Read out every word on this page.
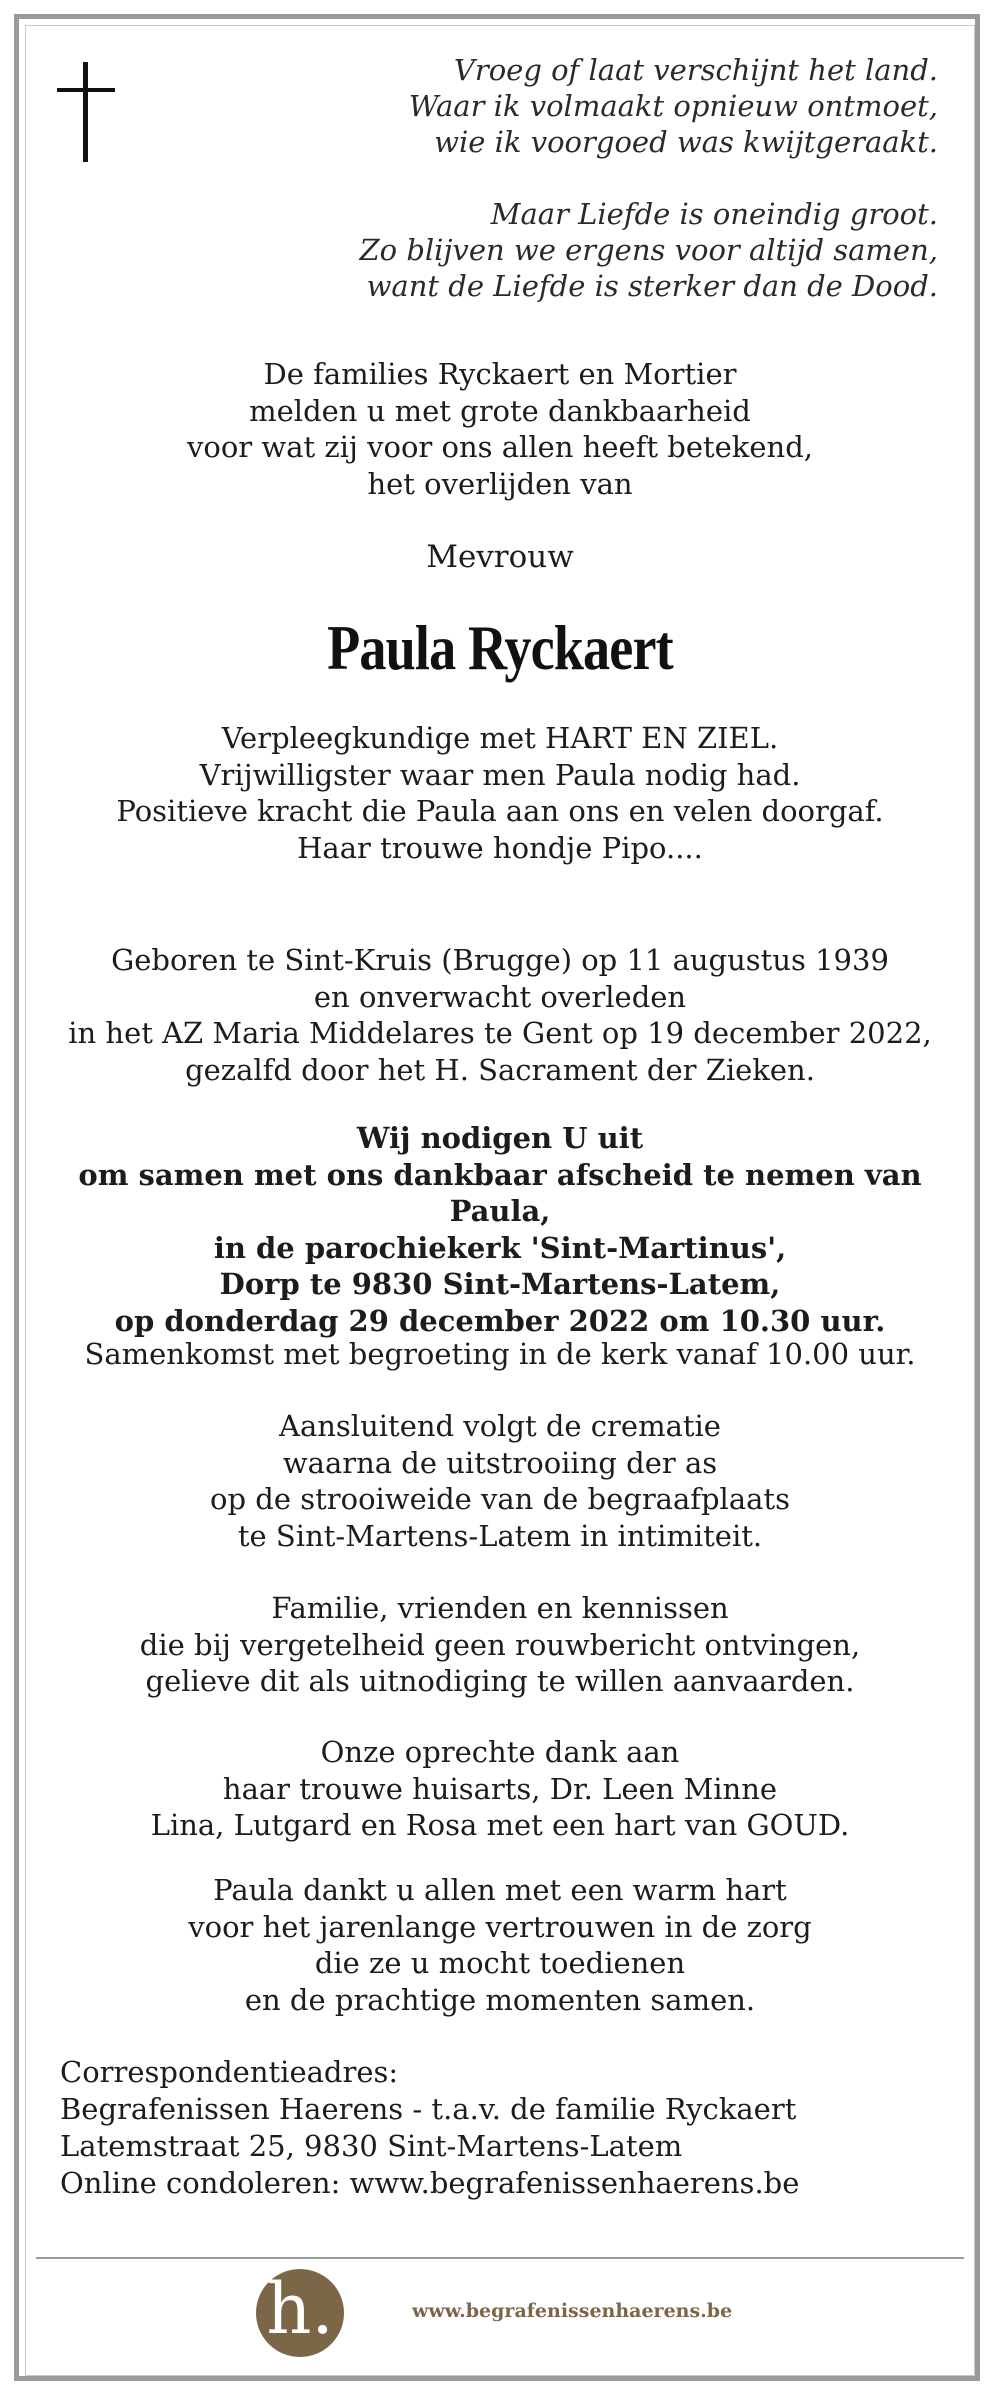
Vroeg of laat verschijnt het land.
Waar ik volmaakt opnieuw ontmoet,
wie ik voorgoed was kwijtgeraakt.
Maar Liefde is oneindig groot.
Zo blijven we ergens voor altijd samen,
want de Liefde is sterker dan de Dood.
De families Ryckaert en Mortier
melden u met grote dankbaarheid
voor wat zij voor ons allen heeft betekend,
het overlijden van
Mevrouw
Paula Ryckaert
Verpleegkundige met HART EN ZIEL.
Vrijwilligster waar men Paula nodig had.
Positieve kracht die Paula aan ons en velen doorgaf.
Haar trouwe hondje Pipo....
Geboren te Sint-Kruis (Brugge) op 11 augustus 1939
en onverwacht overleden
in het AZ Maria Middelares te Gent op 19 december 2022,
gezalfd door het H. Sacrament der Zieken.
Wij nodigen U uit
om samen met ons dankbaar afscheid te nemen van Paula,
in de parochiekerk 'Sint-Martinus',
Dorp te 9830 Sint-Martens-Latem,
op donderdag 29 december 2022 om 10.30 uur.
Samenkomst met begroeting in de kerk vanaf 10.00 uur.
Aansluitend volgt de crematie
waarna de uitstrooiing der as
op de strooiweide van de begraafplaats
te Sint-Martens-Latem in intimiteit.
Familie, vrienden en kennissen
die bij vergetelheid geen rouwbericht ontvingen,
gelieve dit als uitnodiging te willen aanvaarden.
Onze oprechte dank aan
haar trouwe huisarts, Dr. Leen Minne
Lina, Lutgard en Rosa met een hart van GOUD.
Paula dankt u allen met een warm hart
voor het jarenlange vertrouwen in de zorg
die ze u mocht toedienen
en de prachtige momenten samen.
Correspondentieadres:
Begrafenissen Haerens - t.a.v. de familie Ryckaert
Latemstraat 25, 9830 Sint-Martens-Latem
Online condoleren: www.begrafenissenhaerens.be
h.	www.begrafenissenhaerens.be
